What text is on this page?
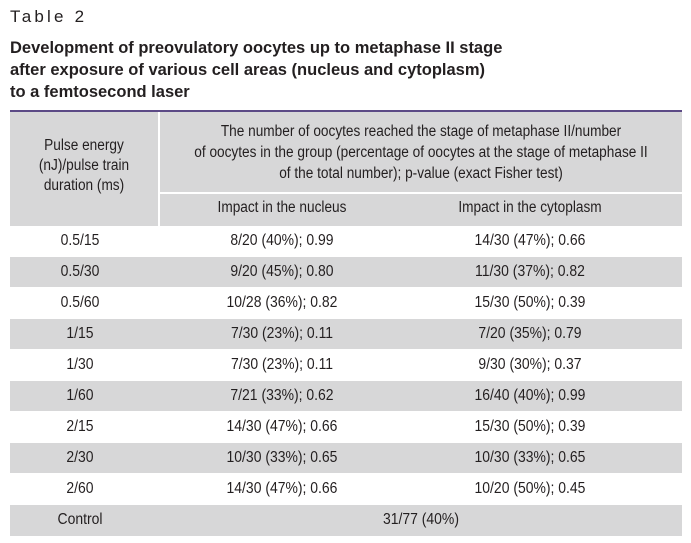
Table 2
Development of preovulatory oocytes up to metaphase II stage
after exposure of various cell areas (nucleus and cytoplasm)
to a femtosecond laser
Pulse energy
(nJ)/pulse train
duration (ms)
The number of oocytes reached the stage of metaphase II/number
of oocytes in the group (percentage of oocytes at the stage of metaphase II
of the total number); p-value (exact Fisher test)
Impact in the nucleus	Impact in the cytoplasm
0.5/15	8/20 (40%); 0.99	14/30 (47%); 0.66
0.5/30	9/20 (45%); 0.80	11/30 (37%); 0.82
0.5/60	10/28 (36%); 0.82	15/30 (50%); 0.39
1/15	7/30 (23%); 0.11	7/20 (35%); 0.79
1/30	7/30 (23%); 0.11	9/30 (30%); 0.37
1/60	7/21 (33%); 0.62	16/40 (40%); 0.99
2/15	14/30 (47%); 0.66	15/30 (50%); 0.39
2/30	10/30 (33%); 0.65	10/30 (33%); 0.65
2/60	14/30 (47%); 0.66	10/20 (50%); 0.45
Control	31/77 (40%)
